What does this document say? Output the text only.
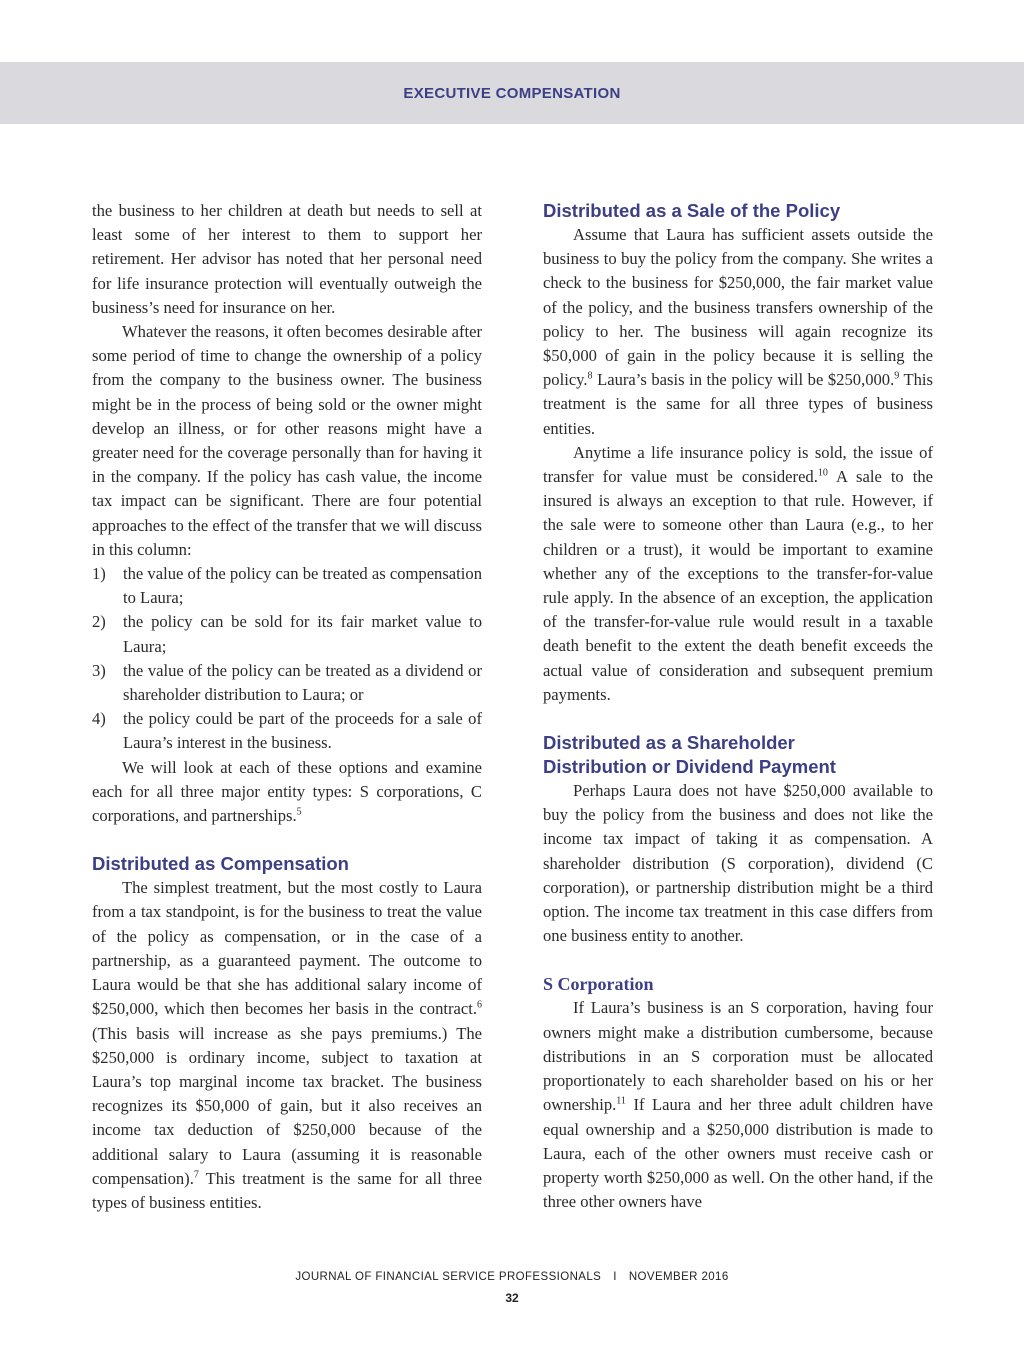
EXECUTIVE COMPENSATION

the business to her children at death but needs to sell at least some of her interest to them to support her retirement. Her advisor has noted that her personal need for life insurance protection will eventually outweigh the business’s need for insurance on her.

Whatever the reasons, it often becomes desirable after some period of time to change the ownership of a policy from the company to the business owner. The business might be in the process of being sold or the owner might develop an illness, or for other reasons might have a greater need for the coverage personally than for having it in the company. If the policy has cash value, the income tax impact can be significant. There are four potential approaches to the effect of the transfer that we will discuss in this column:

1) the value of the policy can be treated as compensation to Laura;
2) the policy can be sold for its fair market value to Laura;
3) the value of the policy can be treated as a dividend or shareholder distribution to Laura; or
4) the policy could be part of the proceeds for a sale of Laura’s interest in the business.

We will look at each of these options and examine each for all three major entity types: S corporations, C corporations, and partnerships.$^5$

Distributed as Compensation

The simplest treatment, but the most costly to Laura from a tax standpoint, is for the business to treat the value of the policy as compensation, or in the case of a partnership, as a guaranteed payment. The outcome to Laura would be that she has additional salary income of $250,000, which then becomes her basis in the contract.$^6$ (This basis will increase as she pays premiums.) The $250,000 is ordinary income, subject to taxation at Laura’s top marginal income tax bracket. The business recognizes its $50,000 of gain, but it also receives an income tax deduction of $250,000 because of the additional salary to Laura (assuming it is reasonable compensation).$^7$ This treatment is the same for all three types of business entities.

Distributed as a Sale of the Policy

Assume that Laura has sufficient assets outside the business to buy the policy from the company. She writes a check to the business for $250,000, the fair market value of the policy, and the business transfers ownership of the policy to her. The business will again recognize its $50,000 of gain in the policy because it is selling the policy.$^8$ Laura’s basis in the policy will be $250,000.$^9$ This treatment is the same for all three types of business entities.

Anytime a life insurance policy is sold, the issue of transfer for value must be considered.$^{10}$ A sale to the insured is always an exception to that rule. However, if the sale were to someone other than Laura (e.g., to her children or a trust), it would be important to examine whether any of the exceptions to the transfer-for-value rule apply. In the absence of an exception, the application of the transfer-for-value rule would result in a taxable death benefit to the extent the death benefit exceeds the actual value of consideration and subsequent premium payments.

Distributed as a Shareholder
Distribution or Dividend Payment

Perhaps Laura does not have $250,000 available to buy the policy from the business and does not like the income tax impact of taking it as compensation. A shareholder distribution (S corporation), dividend (C corporation), or partnership distribution might be a third option. The income tax treatment in this case differs from one business entity to another.

S Corporation

If Laura’s business is an S corporation, having four owners might make a distribution cumbersome, because distributions in an S corporation must be allocated proportionately to each shareholder based on his or her ownership.$^{11}$ If Laura and her three adult children have equal ownership and a $250,000 distribution is made to Laura, each of the other owners must receive cash or property worth $250,000 as well. On the other hand, if the three other owners have

JOURNAL OF FINANCIAL SERVICE PROFESSIONALS I NOVEMBER 2016
32
